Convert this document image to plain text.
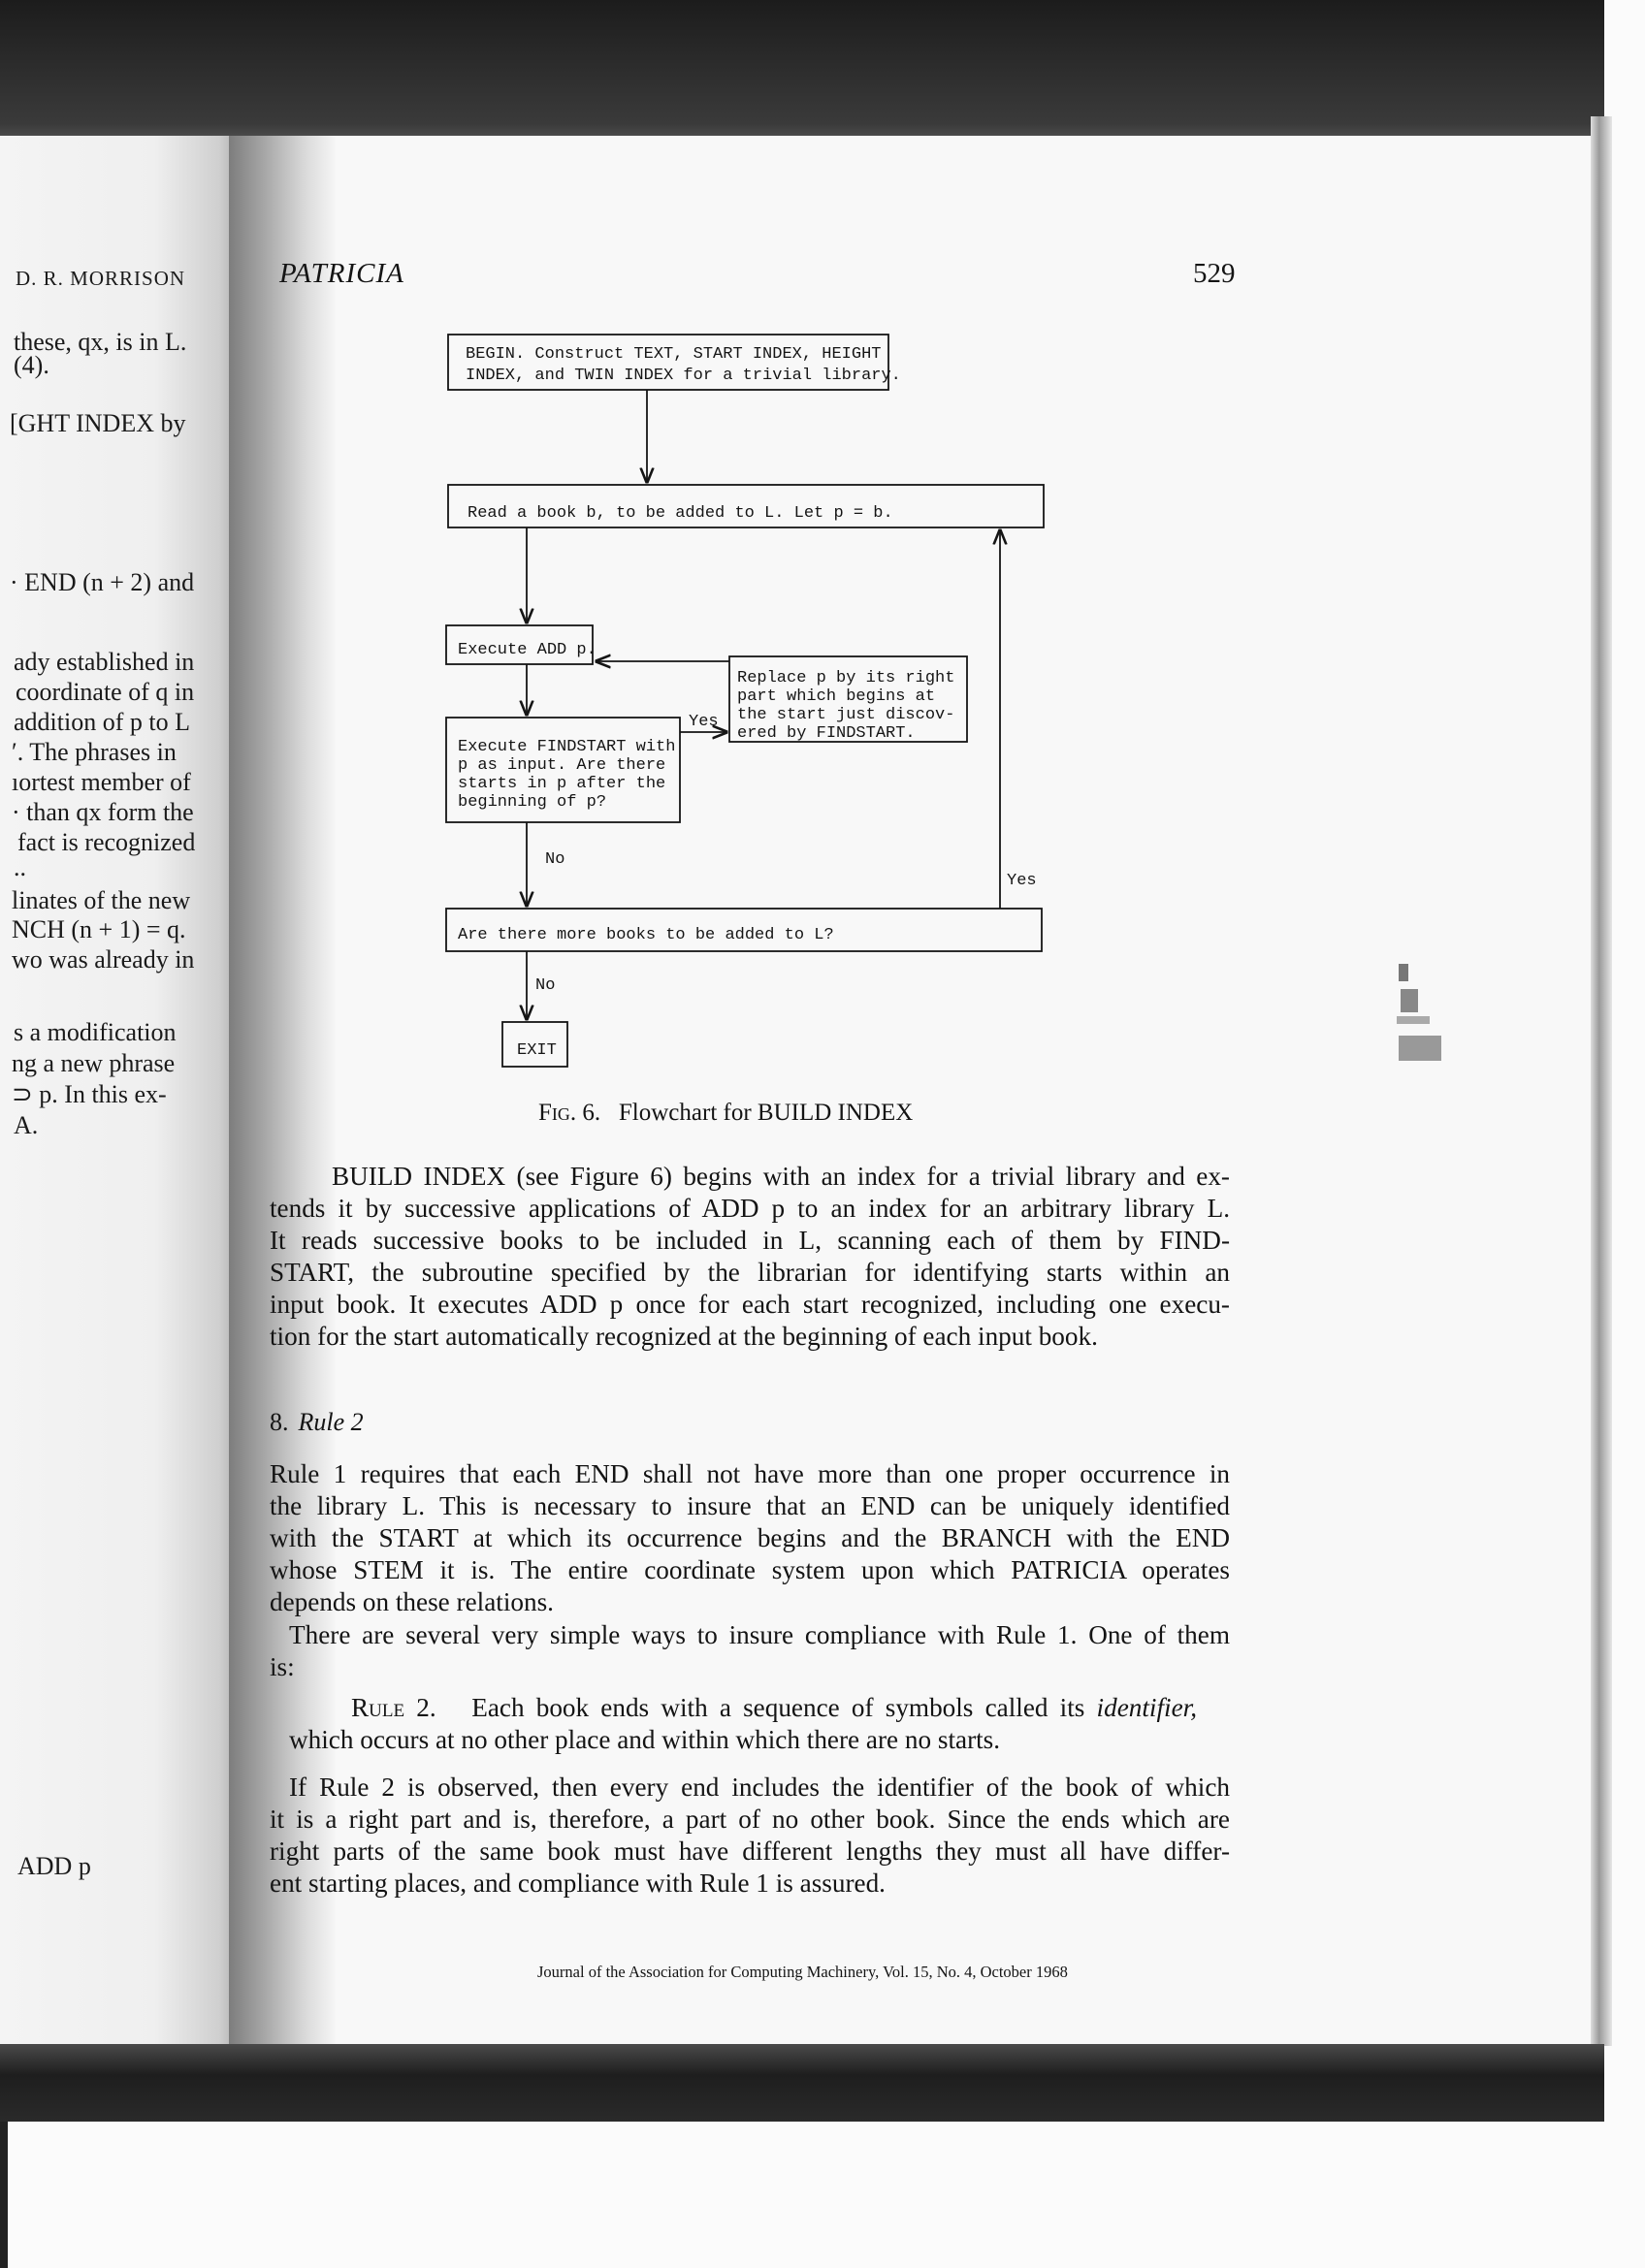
D. R. MORRISON
these, qx, is in L.
(4).
[GHT INDEX by
· END (n + 2) and
ady established in
coordinate of q in
addition of p to L
′. The phrases in
ıortest member of
· than qx form the
fact is recognized
..
linates of the new
NCH (n + 1) = q.
wo was already in
s a modification
ng a new phrase
⊃ p. In this ex-
A.
ADD p
PATRICIA	529
BEGIN. Construct TEXT, START INDEX, HEIGHT
INDEX, and TWIN INDEX for a trivial library.
Read a book b, to be added to L. Let p = b.
Execute ADD p.
Replace p by its right
part which begins at
the start just discov-
ered by FINDSTART.
Execute FINDSTART with
p as input. Are there
starts in p after the
beginning of p?
Yes
No
Yes
Are there more books to be added to L?
No
EXIT
Fig. 6. Flowchart for BUILD INDEX
BUILD INDEX (see Figure 6) begins with an index for a trivial library and ex-
tends it by successive applications of ADD p to an index for an arbitrary library L.
It reads successive books to be included in L, scanning each of them by FIND-
START, the subroutine specified by the librarian for identifying starts within an
input book. It executes ADD p once for each start recognized, including one execu-
tion for the start automatically recognized at the beginning of each input book.
8. Rule 2
Rule 1 requires that each END shall not have more than one proper occurrence in
the library L. This is necessary to insure that an END can be uniquely identified
with the START at which its occurrence begins and the BRANCH with the END
whose STEM it is. The entire coordinate system upon which PATRICIA operates
depends on these relations.
There are several very simple ways to insure compliance with Rule 1. One of them
is:
Rule 2. Each book ends with a sequence of symbols called its identifier,
which occurs at no other place and within which there are no starts.
If Rule 2 is observed, then every end includes the identifier of the book of which
it is a right part and is, therefore, a part of no other book. Since the ends which are
right parts of the same book must have different lengths they must all have differ-
ent starting places, and compliance with Rule 1 is assured.
Journal of the Association for Computing Machinery, Vol. 15, No. 4, October 1968
